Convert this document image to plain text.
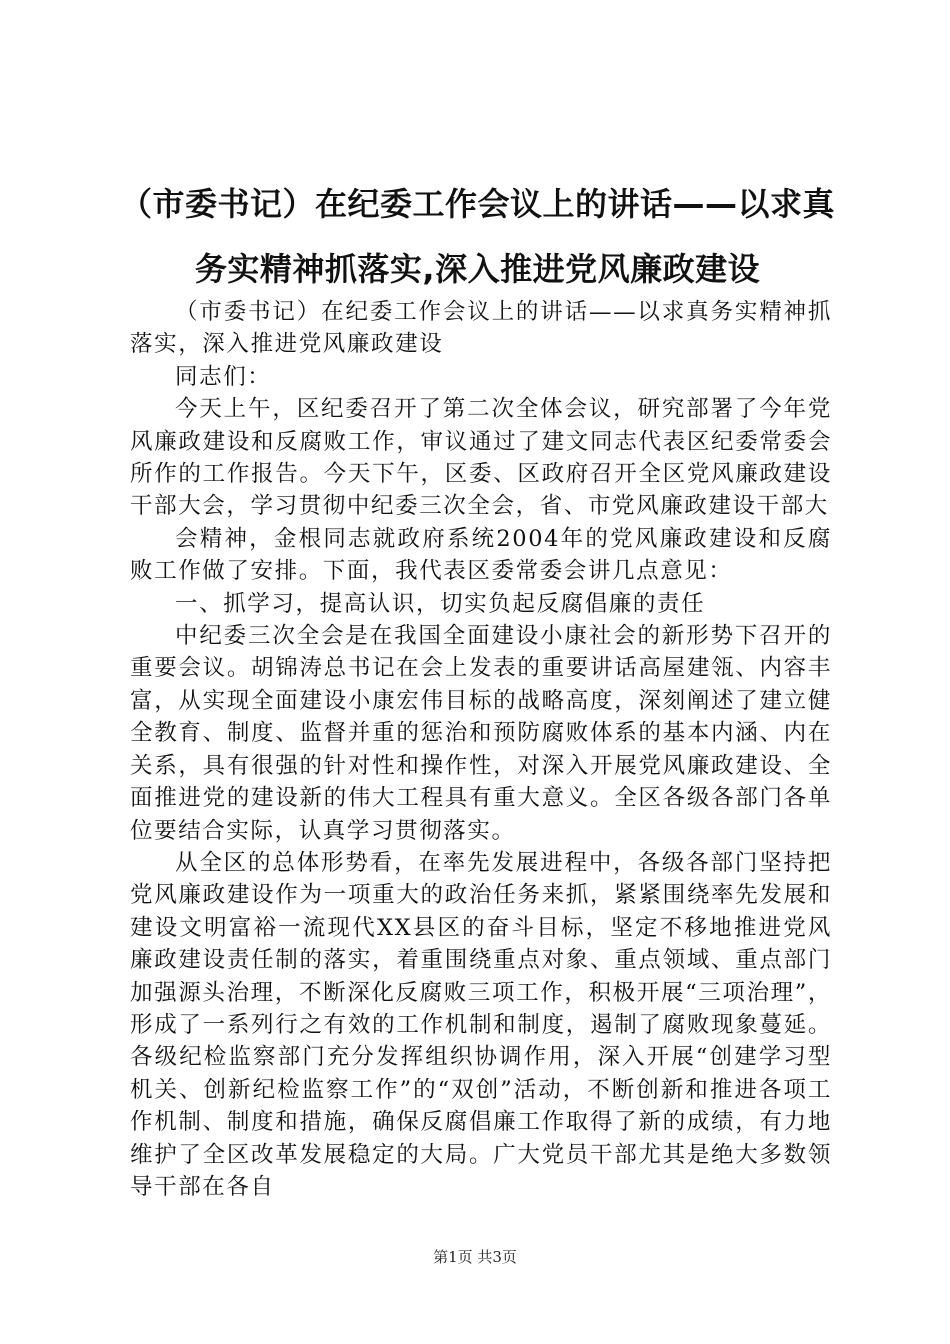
（市委书记）在纪委工作会议上的讲话——以求真务实精神抓落实,深入推进党风廉政建设

（市委书记）在纪委工作会议上的讲话——以求真务实精神抓落实，深入推进党风廉政建设

同志们：

今天上午，区纪委召开了第二次全体会议，研究部署了今年党风廉政建设和反腐败工作，审议通过了建文同志代表区纪委常委会所作的工作报告。今天下午，区委、区政府召开全区党风廉政建设干部大会，学习贯彻中纪委三次全会，省、市党风廉政建设干部大

会精神，金根同志就政府系统2004年的党风廉政建设和反腐败工作做了安排。下面，我代表区委常委会讲几点意见：

一、抓学习，提高认识，切实负起反腐倡廉的责任

中纪委三次全会是在我国全面建设小康社会的新形势下召开的重要会议。胡锦涛总书记在会上发表的重要讲话高屋建瓴、内容丰富，从实现全面建设小康宏伟目标的战略高度，深刻阐述了建立健全教育、制度、监督并重的惩治和预防腐败体系的基本内涵、内在关系，具有很强的针对性和操作性，对深入开展党风廉政建设、全面推进党的建设新的伟大工程具有重大意义。全区各级各部门各单位要结合实际，认真学习贯彻落实。

从全区的总体形势看，在率先发展进程中，各级各部门坚持把党风廉政建设作为一项重大的政治任务来抓，紧紧围绕率先发展和建设文明富裕一流现代XX县区的奋斗目标，坚定不移地推进党风廉政建设责任制的落实，着重围绕重点对象、重点领域、重点部门加强源头治理，不断深化反腐败三项工作，积极开展“三项治理”，形成了一系列行之有效的工作机制和制度，遏制了腐败现象蔓延。各级纪检监察部门充分发挥组织协调作用，深入开展“创建学习型机关、创新纪检监察工作”的“双创”活动，不断创新和推进各项工作机制、制度和措施，确保反腐倡廉工作取得了新的成绩，有力地维护了全区改革发展稳定的大局。广大党员干部尤其是绝大多数领导干部在各自

第1页 共3页
